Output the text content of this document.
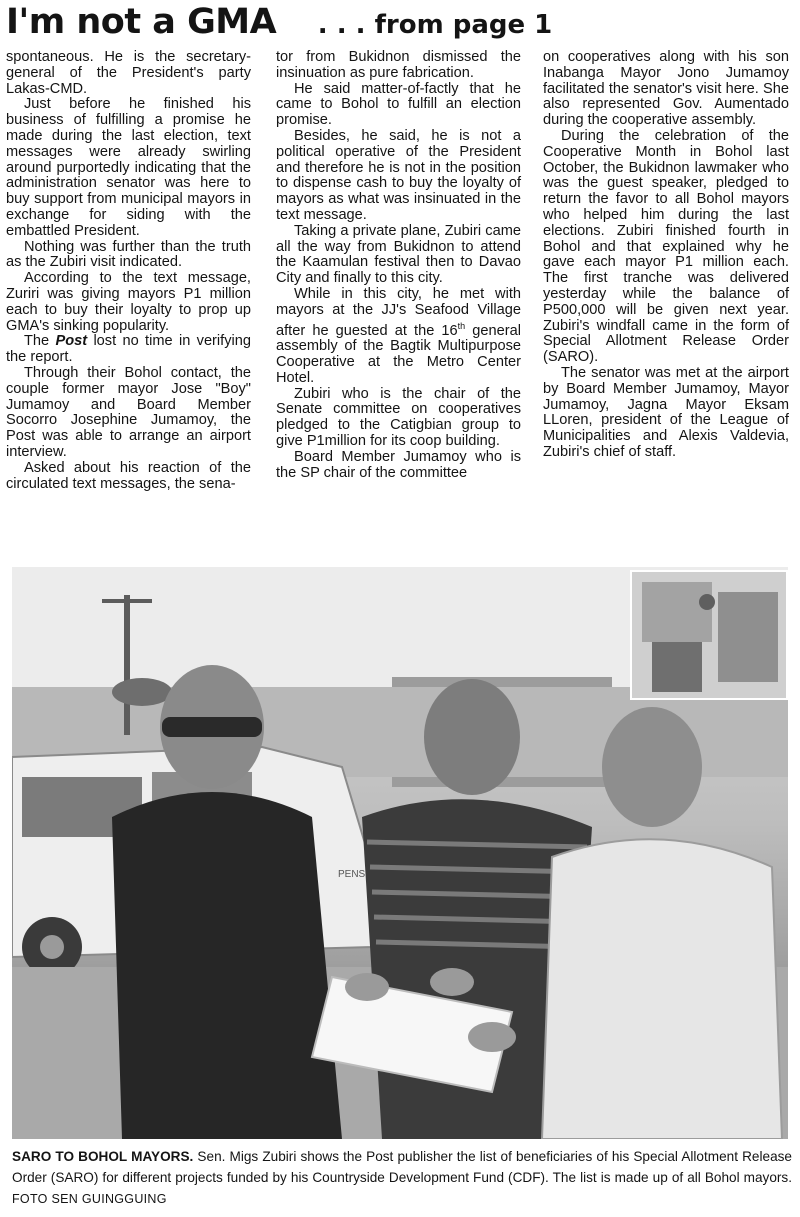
I'm not a GMA . . . from page 1

spontaneous. He is the secretary-general of the President's party Lakas-CMD.

Just before he finished his business of fulfilling a promise he made during the last election, text messages were already swirling around purportedly indicating that the administration senator was here to buy support from municipal mayors in exchange for siding with the embattled President.

Nothing was further than the truth as the Zubiri visit indicated.

According to the text message, Zuriri was giving mayors P1 million each to buy their loyalty to prop up GMA's sinking popularity.

The Post lost no time in verifying the report.

Through their Bohol contact, the couple former mayor Jose "Boy" Jumamoy and Board Member Socorro Josephine Jumamoy, the Post was able to arrange an airport interview.

Asked about his reaction of the circulated text messages, the sena-

tor from Bukidnon dismissed the insinuation as pure fabrication.

He said matter-of-factly that he came to Bohol to fulfill an election promise.

Besides, he said, he is not a political operative of the President and therefore he is not in the position to dispense cash to buy the loyalty of mayors as what was insinuated in the text message.

Taking a private plane, Zubiri came all the way from Bukidnon to attend the Kaamulan festival then to Davao City and finally to this city.

While in this city, he met with mayors at the JJ's Seafood Village after he guested at the 16th general assembly of the Bagtik Multipurpose Cooperative at the Metro Center Hotel.

Zubiri who is the chair of the Senate committee on cooperatives pledged to the Catigbian group to give P1million for its coop building.

Board Member Jumamoy who is the SP chair of the committee

on cooperatives along with his son Inabanga Mayor Jono Jumamoy facilitated the senator's visit here. She also represented Gov. Aumentado during the cooperative assembly.

During the celebration of the Cooperative Month in Bohol last October, the Bukidnon lawmaker who was the guest speaker, pledged to return the favor to all Bohol mayors who helped him during the last elections. Zubiri finished fourth in Bohol and that explained why he gave each mayor P1 million each. The first tranche was delivered yesterday while the balance of P500,000 will be given next year. Zubiri's windfall came in the form of Special Allotment Release Order (SARO).

The senator was met at the airport by Board Member Jumamoy, Mayor Jumamoy, Jagna Mayor Eksam LLoren, president of the League of Municipalities and Alexis Valdevia, Zubiri's chief of staff.

PENS
SARO TO BOHOL MAYORS. Sen. Migs Zubiri shows the Post publisher the list of beneficiaries of his Special Allotment Release Order (SARO) for different projects funded by his Countryside Development Fund (CDF). The list is made up of all Bohol mayors. FOTO SEN GUINGGUING
